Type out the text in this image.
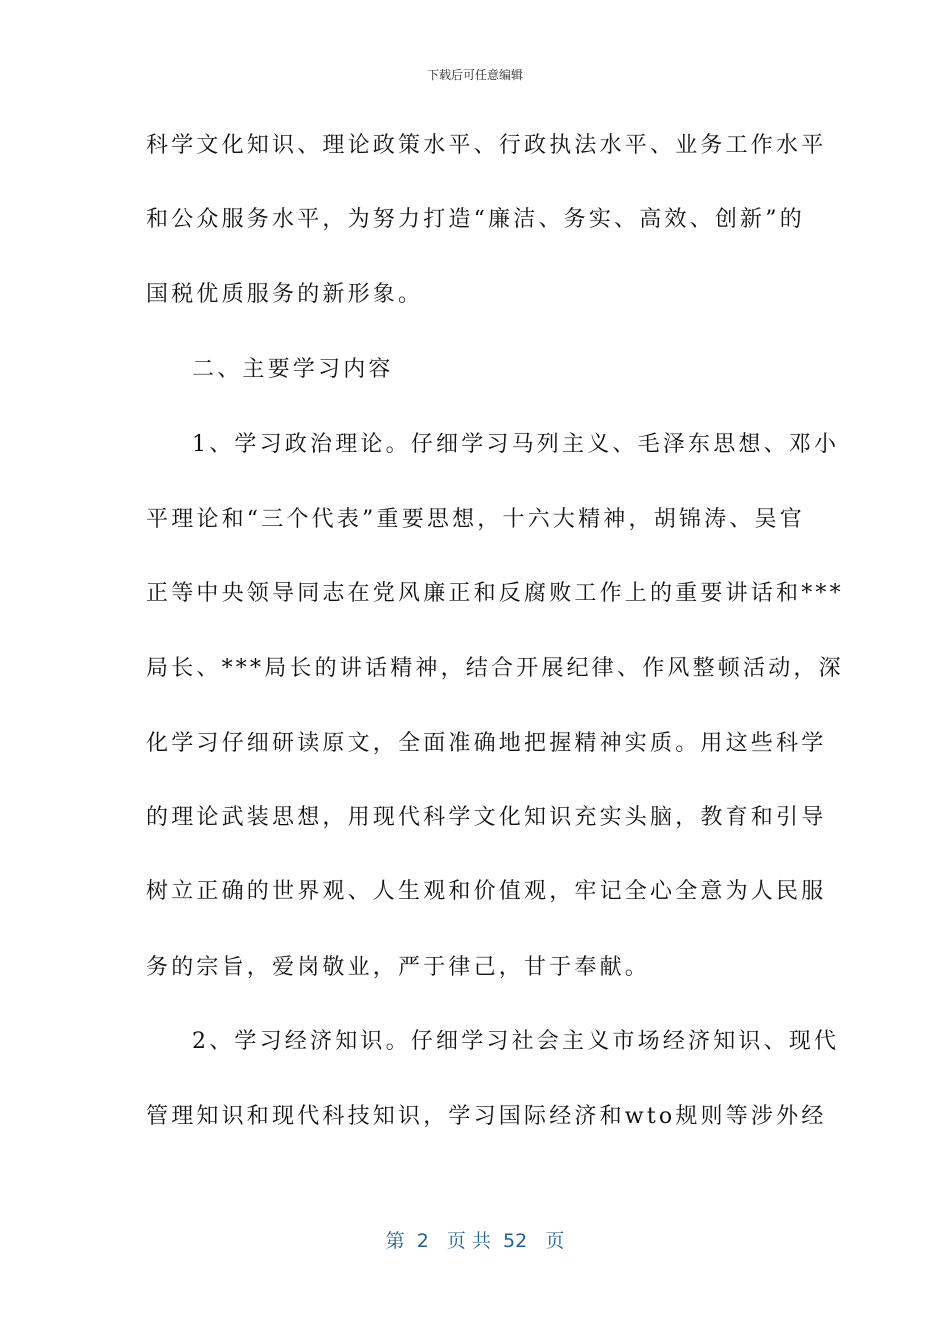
下载后可任意编辑
科学文化知识、理论政策水平、行政执法水平、业务工作水平
和公众服务水平，为努力打造“廉洁、务实、高效、创新”的
国税优质服务的新形象。
二、主要学习内容
1、学习政治理论。仔细学习马列主义、毛泽东思想、邓小
平理论和“三个代表”重要思想，十六大精神，胡锦涛、吴官
正等中央领导同志在党风廉正和反腐败工作上的重要讲话和***
局长、***局长的讲话精神，结合开展纪律、作风整顿活动，深
化学习仔细研读原文，全面准确地把握精神实质。用这些科学
的理论武装思想，用现代科学文化知识充实头脑，教育和引导
树立正确的世界观、人生观和价值观，牢记全心全意为人民服
务的宗旨，爱岗敬业，严于律己，甘于奉献。
2、学习经济知识。仔细学习社会主义市场经济知识、现代
管理知识和现代科技知识，学习国际经济和wto规则等涉外经
第  2   页 共  52   页
